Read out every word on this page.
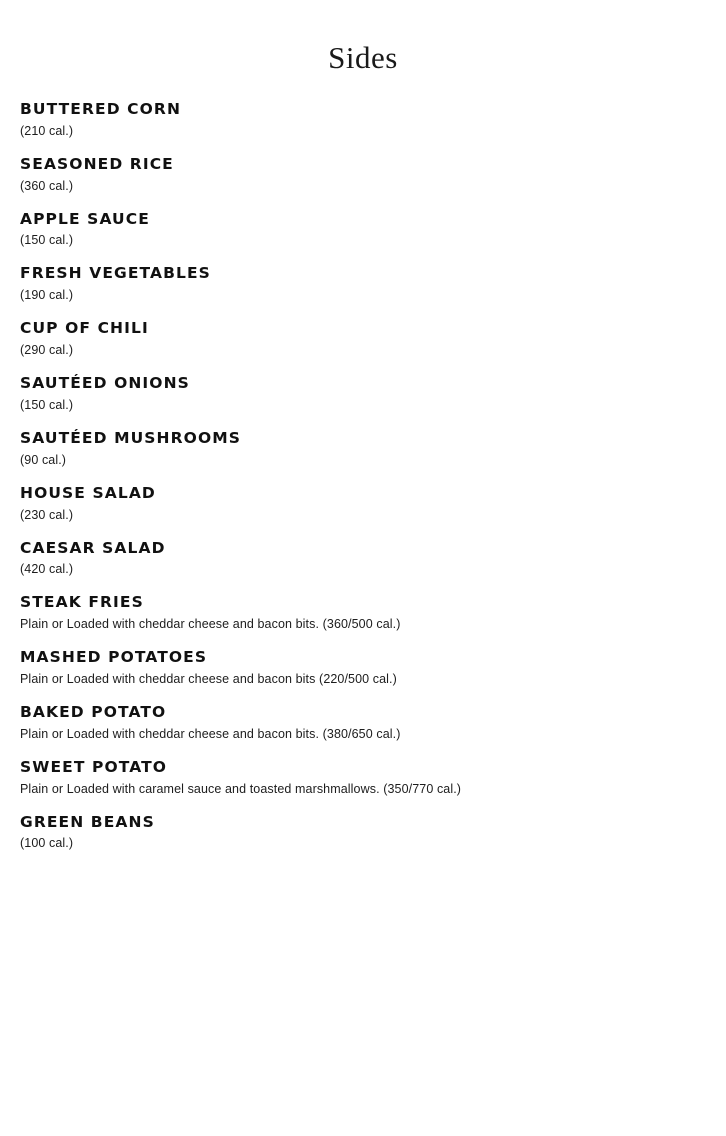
Sides
BUTTERED CORN
(210 cal.)
SEASONED RICE
(360 cal.)
APPLE SAUCE
(150 cal.)
FRESH VEGETABLES
(190 cal.)
CUP OF CHILI
(290 cal.)
SAUTÉED ONIONS
(150 cal.)
SAUTÉED MUSHROOMS
(90 cal.)
HOUSE SALAD
(230 cal.)
CAESAR SALAD
(420 cal.)
STEAK FRIES
Plain or Loaded with cheddar cheese and bacon bits. (360/500 cal.)
MASHED POTATOES
Plain or Loaded with cheddar cheese and bacon bits (220/500 cal.)
BAKED POTATO
Plain or Loaded with cheddar cheese and bacon bits. (380/650 cal.)
SWEET POTATO
Plain or Loaded with caramel sauce and toasted marshmallows. (350/770 cal.)
GREEN BEANS
(100 cal.)
